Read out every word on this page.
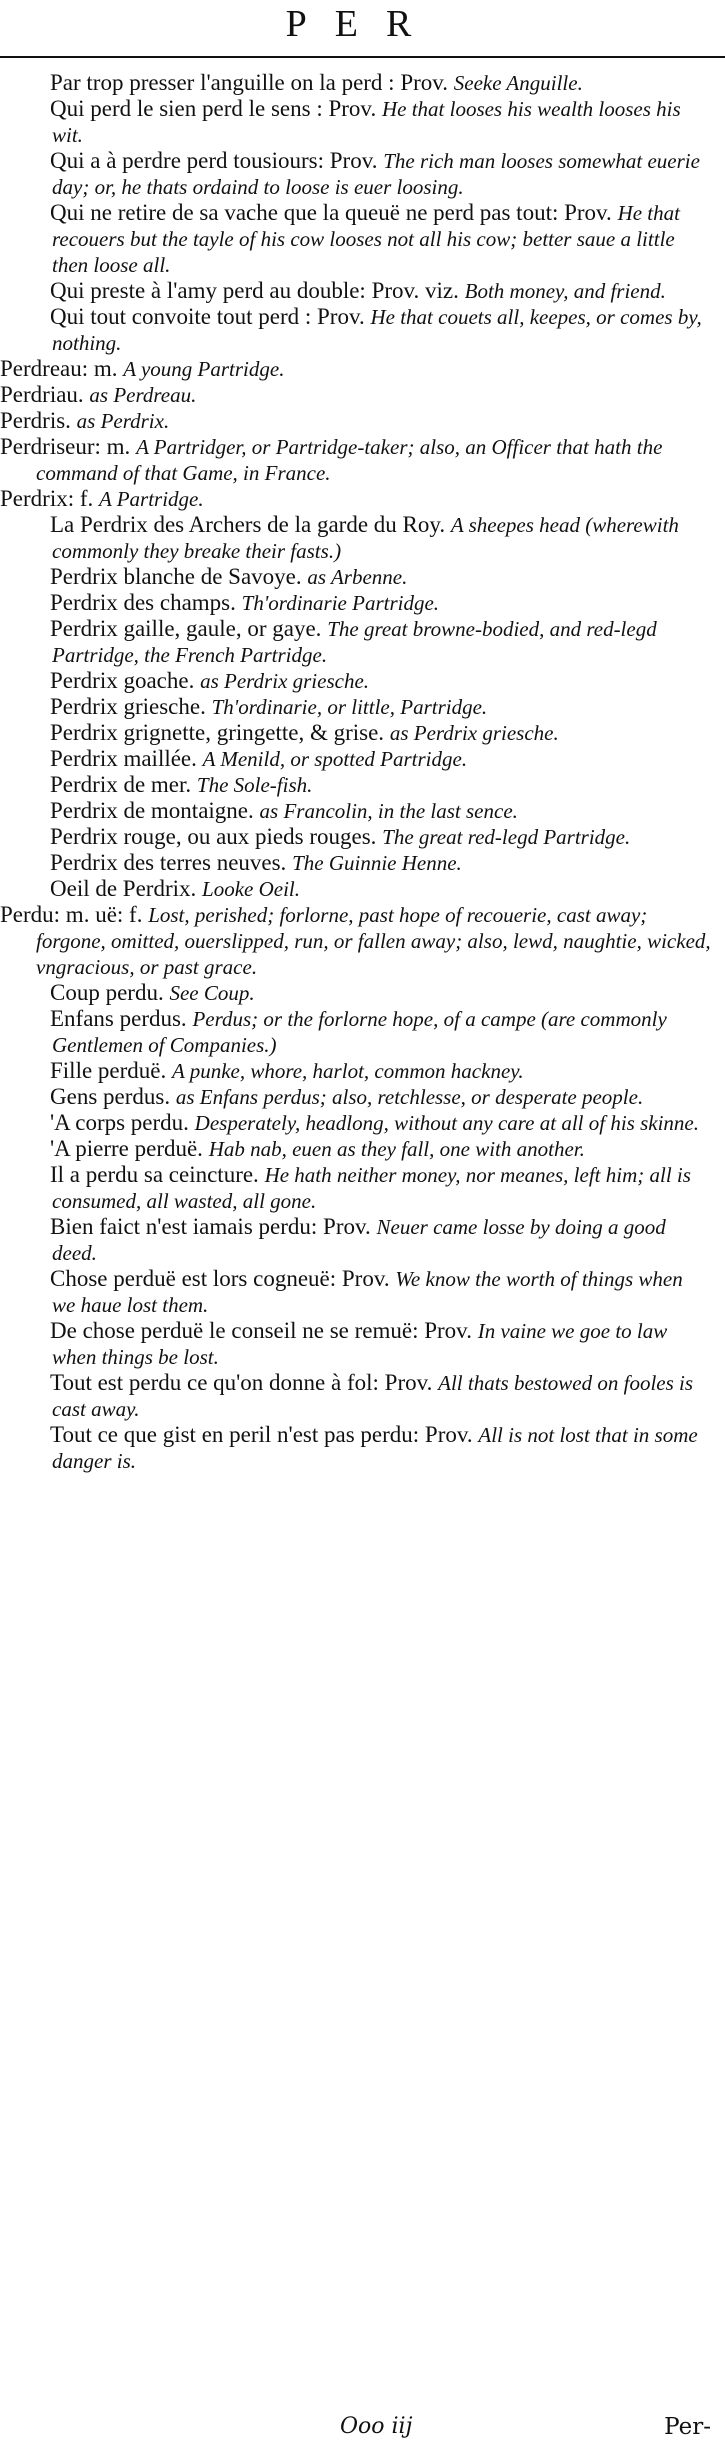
PER

Par trop presser l'anguille on la perd : Prov. Seeke Anguille.

Qui perd le sien perd le sens : Prov. He that looses his wealth looses his wit.

Qui a à perdre perd tousiours: Prov. The rich man looses somewhat euerie day; or, he thats ordaind to loose is euer loosing.

Qui ne retire de sa vache que la queuë ne perd pas tout: Prov. He that recouers but the tayle of his cow looses not all his cow; better saue a little then loose all.

Qui preste à l'amy perd au double: Prov. viz. Both money, and friend.

Qui tout convoite tout perd : Prov. He that couets all, keepes, or comes by, nothing.

Perdreau: m. A young Partridge.

Perdriau. as Perdreau.

Perdris. as Perdrix.

Perdriseur: m. A Partridger, or Partridge-taker; also, an Officer that hath the command of that Game, in France.

Perdrix: f. A Partridge.

La Perdrix des Archers de la garde du Roy. A sheepes head (wherewith commonly they breake their fasts.)

Perdrix blanche de Savoye. as Arbenne.

Perdrix des champs. Th'ordinarie Partridge.

Perdrix gaille, gaule, or gaye. The great browne-bodied, and red-legd Partridge, the French Partridge.

Perdrix goache. as Perdrix griesche.

Perdrix griesche. Th'ordinarie, or little, Partridge.

Perdrix grignette, gringette, & grise. as Perdrix griesche.

Perdrix maillée. A Menild, or spotted Partridge.

Perdrix de mer. The Sole-fish.

Perdrix de montaigne. as Francolin, in the last sence.

Perdrix rouge, ou aux pieds rouges. The great red-legd Partridge.

Perdrix des terres neuves. The Guinnie Henne.

Oeil de Perdrix. Looke Oeil.

Perdu: m. uë: f. Lost, perished; forlorne, past hope of recouerie, cast away; forgone, omitted, ouerslipped, run, or fallen away; also, lewd, naughtie, wicked, vngracious, or past grace.

Coup perdu. See Coup.

Enfans perdus. Perdus; or the forlorne hope, of a campe (are commonly Gentlemen of Companies.)

Fille perduë. A punke, whore, harlot, common hackney.

Gens perdus. as Enfans perdus; also, retchlesse, or desperate people.

'A corps perdu. Desperately, headlong, without any care at all of his skinne.

'A pierre perduë. Hab nab, euen as they fall, one with another.

Il a perdu sa ceincture. He hath neither money, nor meanes, left him; all is consumed, all wasted, all gone.

Bien faict n'est iamais perdu: Prov. Neuer came losse by doing a good deed.

Chose perduë est lors cogneuë: Prov. We know the worth of things when we haue lost them.

De chose perduë le conseil ne se remuë: Prov. In vaine we goe to law when things be lost.

Tout est perdu ce qu'on donne à fol: Prov. All thats bestowed on fooles is cast away.

Tout ce que gist en peril n'est pas perdu: Prov. All is not lost that in some danger is.

Ooo iij	Per-
